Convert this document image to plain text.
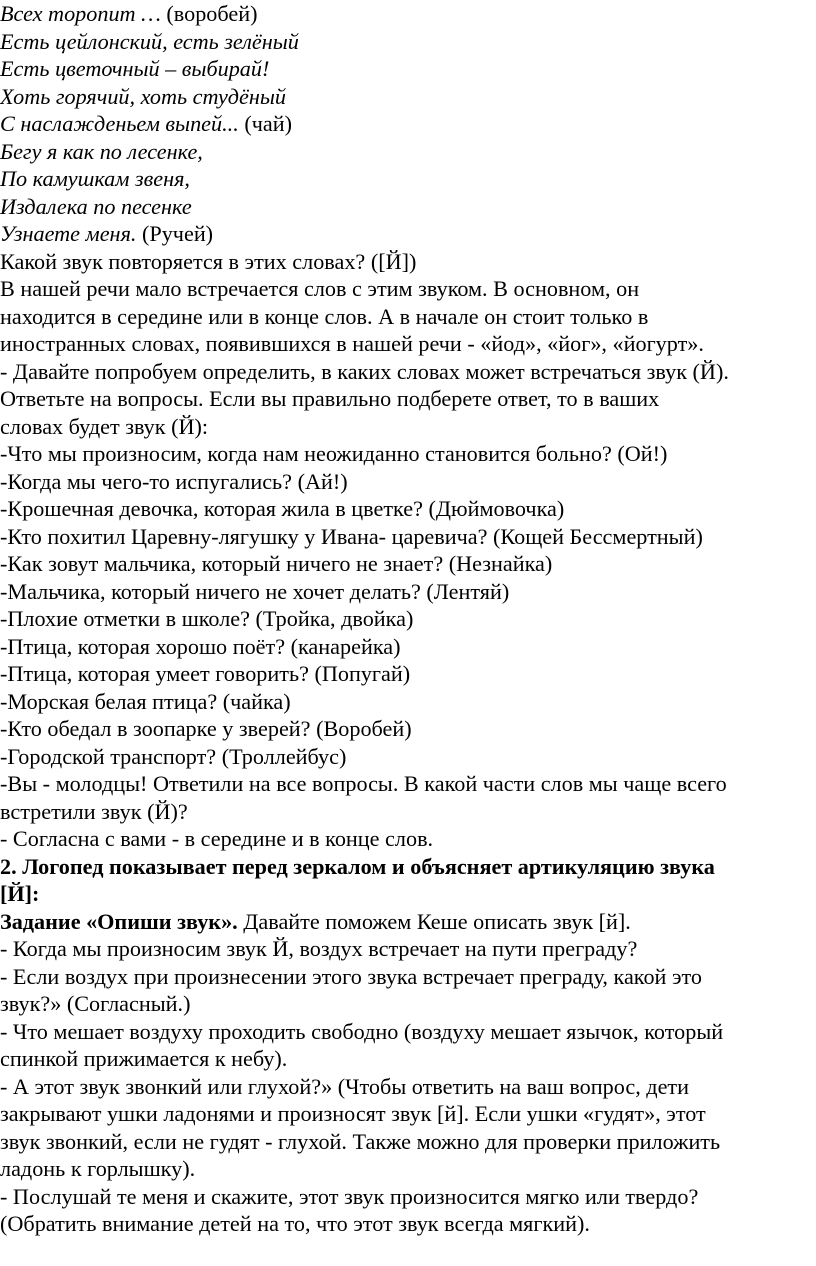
Всех торопит … (воробей)
Есть цейлонский, есть зелёный
Есть цветочный – выбирай!
Хоть горячий, хоть студёный
С наслажденьем выпей... (чай)
Бегу я как по лесенке,
По камушкам звеня,
Издалека по песенке
Узнаете меня. (Ручей)
Какой звук повторяется в этих словах? ([Й])
В нашей речи мало встречается слов с этим звуком. В основном, он
находится в середине или в конце слов. А в начале он стоит только в
иностранных словах, появившихся в нашей речи - «йод», «йог», «йогурт».
- Давайте попробуем определить, в каких словах может встречаться звук (Й).
Ответьте на вопросы. Если вы правильно подберете ответ, то в ваших
словах будет звук (Й):
-Что мы произносим, когда нам неожиданно становится больно? (Ой!)
-Когда мы чего-то испугались? (Ай!)
-Крошечная девочка, которая жила в цветке? (Дюймовочка)
-Кто похитил Царевну-лягушку у Ивана- царевича? (Кощей Бессмертный)
-Как зовут мальчика, который ничего не знает? (Незнайка)
-Мальчика, который ничего не хочет делать? (Лентяй)
-Плохие отметки в школе? (Тройка, двойка)
-Птица, которая хорошо поёт? (канарейка)
-Птица, которая умеет говорить? (Попугай)
-Морская белая птица? (чайка)
-Кто обедал в зоопарке у зверей? (Воробей)
-Городской транспорт? (Троллейбус)
-Вы - молодцы! Ответили на все вопросы. В какой части слов мы чаще всего
встретили звук (Й)?
- Согласна с вами - в середине и в конце слов.
2. Логопед показывает перед зеркалом и объясняет артикуляцию звука
[Й]:
Задание «Опиши звук». Давайте поможем Кеше описать звук [й].
- Когда мы произносим звук Й, воздух встречает на пути преграду?
- Если воздух при произнесении этого звука встречает преграду, какой это
звук?» (Согласный.)
- Что мешает воздуху проходить свободно (воздуху мешает язычок, который
спинкой прижимается к небу).
- А этот звук звонкий или глухой?» (Чтобы ответить на ваш вопрос, дети
закрывают ушки ладонями и произносят звук [й]. Если ушки «гудят», этот
звук звонкий, если не гудят - глухой. Также можно для проверки приложить
ладонь к горлышку).
- Послушай те меня и скажите, этот звук произносится мягко или твердо?
(Обратить внимание детей на то, что этот звук всегда мягкий).
